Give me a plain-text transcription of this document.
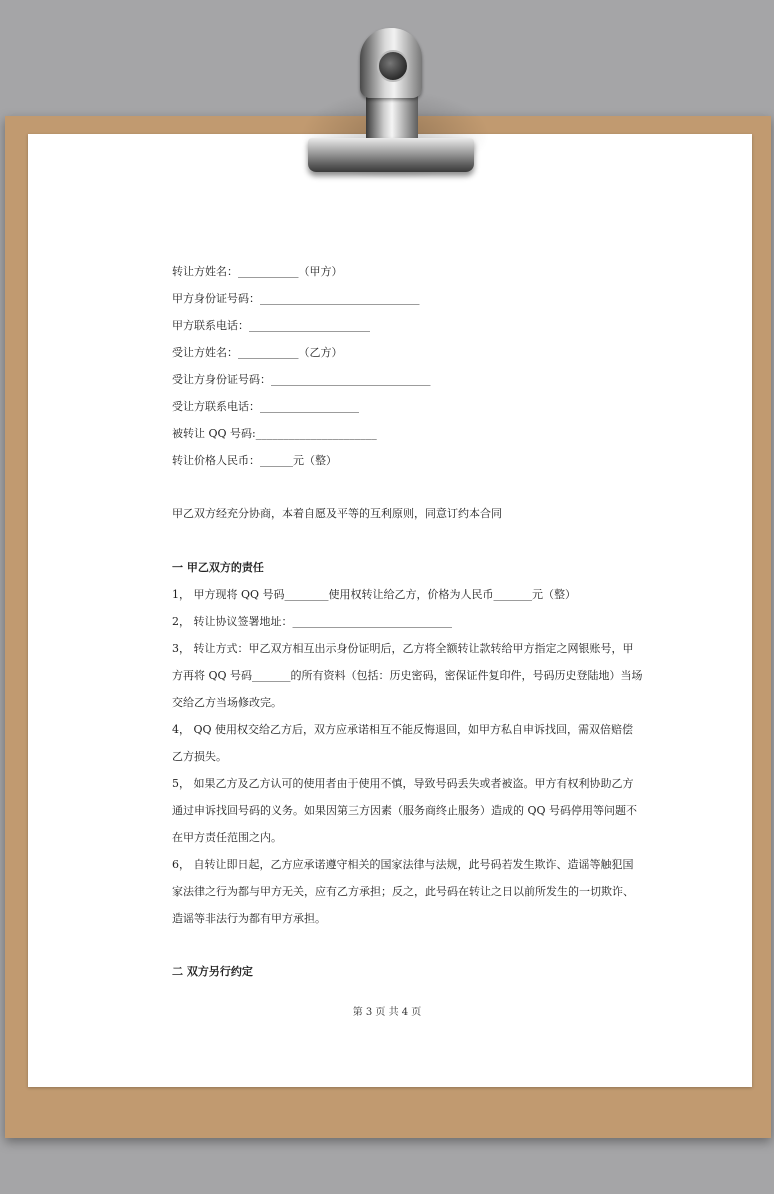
转让方姓名：___________（甲方）
甲方身份证号码：_____________________________
甲方联系电话：______________________
受让方姓名：___________（乙方）
受让方身份证号码：_____________________________
受让方联系电话：__________________
被转让 QQ 号码:______________________
转让价格人民币：______元（整）
甲乙双方经充分协商，本着自愿及平等的互利原则，同意订约本合同
一 甲乙双方的责任
1， 甲方现将 QQ 号码________使用权转让给乙方，价格为人民币_______元（整）
2， 转让协议签署地址：_____________________________
3， 转让方式：甲乙双方相互出示身份证明后，乙方将全额转让款转给甲方指定之网银账号，甲
方再将 QQ 号码_______的所有资料（包括：历史密码，密保证件复印件，号码历史登陆地）当场
交给乙方当场修改完。
4， QQ 使用权交给乙方后，双方应承诺相互不能反悔退回，如甲方私自申诉找回，需双倍赔偿
乙方损失。
5， 如果乙方及乙方认可的使用者由于使用不慎，导致号码丢失或者被盗。甲方有权利协助乙方
通过申诉找回号码的义务。如果因第三方因素（服务商终止服务）造成的 QQ 号码停用等问题不
在甲方责任范围之内。
6， 自转让即日起，乙方应承诺遵守相关的国家法律与法规，此号码若发生欺诈、造谣等触犯国
家法律之行为都与甲方无关，应有乙方承担；反之，此号码在转让之日以前所发生的一切欺诈、
造谣等非法行为都有甲方承担。
二 双方另行约定
第 3 页 共 4 页
